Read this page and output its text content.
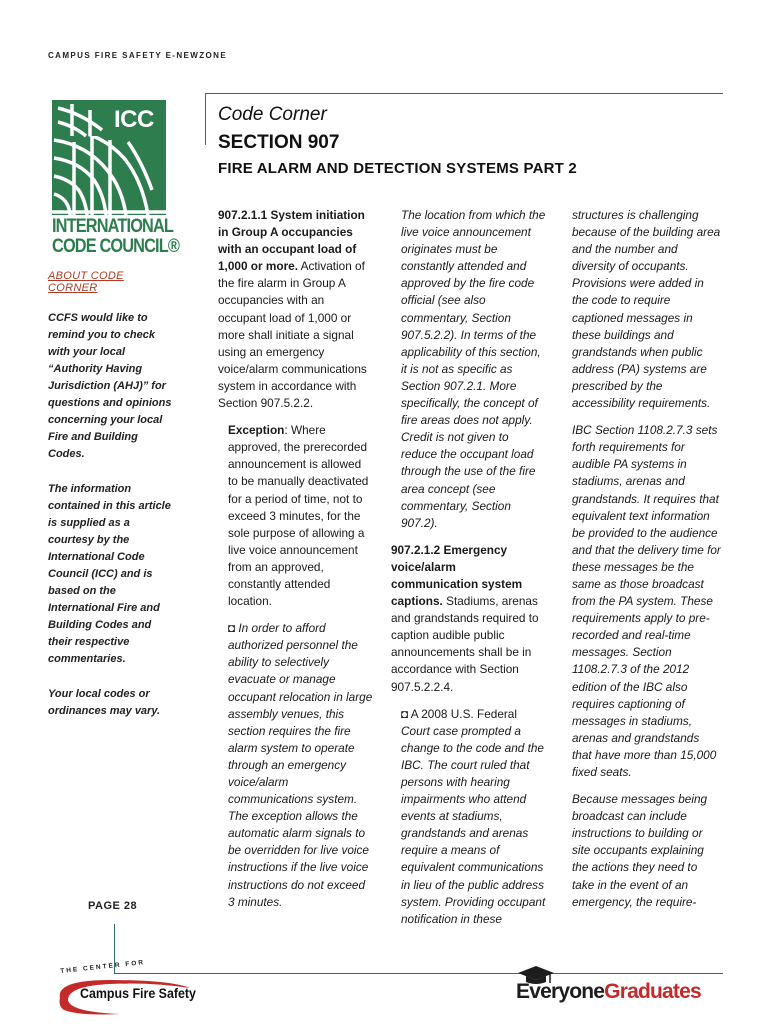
CAMPUS FIRE SAFETY E-NEWZONE
ICC
INTERNATIONAL
CODE COUNCIL®
ABOUT CODE CORNER

CCFS would like to remind you to check with your local “Authority Having Jurisdiction (AHJ)” for questions and opinions concerning your local Fire and Building Codes.

The information contained in this article is supplied as a courtesy by the International Code Council (ICC) and is based on the International Fire and Building Codes and their respective commentaries.

Your local codes or ordinances may vary.

PAGE 28
Code Corner
SECTION 907
FIRE ALARM AND DETECTION SYSTEMS PART 2

907.2.1.1 System initiation in Group A occupancies with an occupant load of 1,000 or more. Activation of the fire alarm in Group A occupancies with an occupant load of 1,000 or more shall initiate a signal using an emergency voice/alarm communications system in accordance with Section 907.5.2.2.

Exception: Where approved, the prerecorded announcement is allowed to be manually deactivated for a period of time, not to exceed 3 minutes, for the sole purpose of allowing a live voice announcement from an approved, constantly attended location.

◘ In order to afford authorized personnel the ability to selectively evacuate or manage occupant relocation in large assembly venues, this section requires the fire alarm system to operate through an emergency voice/alarm communications system. The exception allows the automatic alarm signals to be overridden for live voice instructions if the live voice instructions do not exceed 3 minutes.

The location from which the live voice announcement originates must be constantly attended and approved by the fire code official (see also commentary, Section 907.5.2.2). In terms of the applicability of this section, it is not as specific as Section 907.2.1. More specifically, the concept of fire areas does not apply. Credit is not given to reduce the occupant load through the use of the fire area concept (see commentary, Section 907.2).

907.2.1.2 Emergency voice/alarm communication system captions. Stadiums, arenas and grandstands required to caption audible public announcements shall be in accordance with Section 907.5.2.2.4.

◘ A 2008 U.S. Federal
Court case prompted a change to the code and the IBC. The court ruled that persons with hearing impairments who attend events at stadiums, grandstands and arenas require a means of equivalent communications in lieu of the public address system. Providing occupant notification in these

structures is challenging because of the building area and the number and diversity of occupants. Provisions were added in the code to require captioned messages in these buildings and grandstands when public address (PA) systems are prescribed by the accessibility requirements.

IBC Section 1108.2.7.3 sets forth requirements for audible PA systems in stadiums, arenas and grandstands. It requires that equivalent text information be provided to the audience and that the delivery time for these messages be the same as those broadcast from the PA system. These requirements apply to pre-recorded and real-time messages. Section 1108.2.7.3 of the 2012 edition of the IBC also requires captioning of messages in stadiums, arenas and grandstands that have more than 15,000 fixed seats.

Because messages being broadcast can include instructions to building or site occupants explaining the actions they need to take in the event of an emergency, the require-

THE CENTER FOR
Campus Fire Safety	EveryoneGraduates
